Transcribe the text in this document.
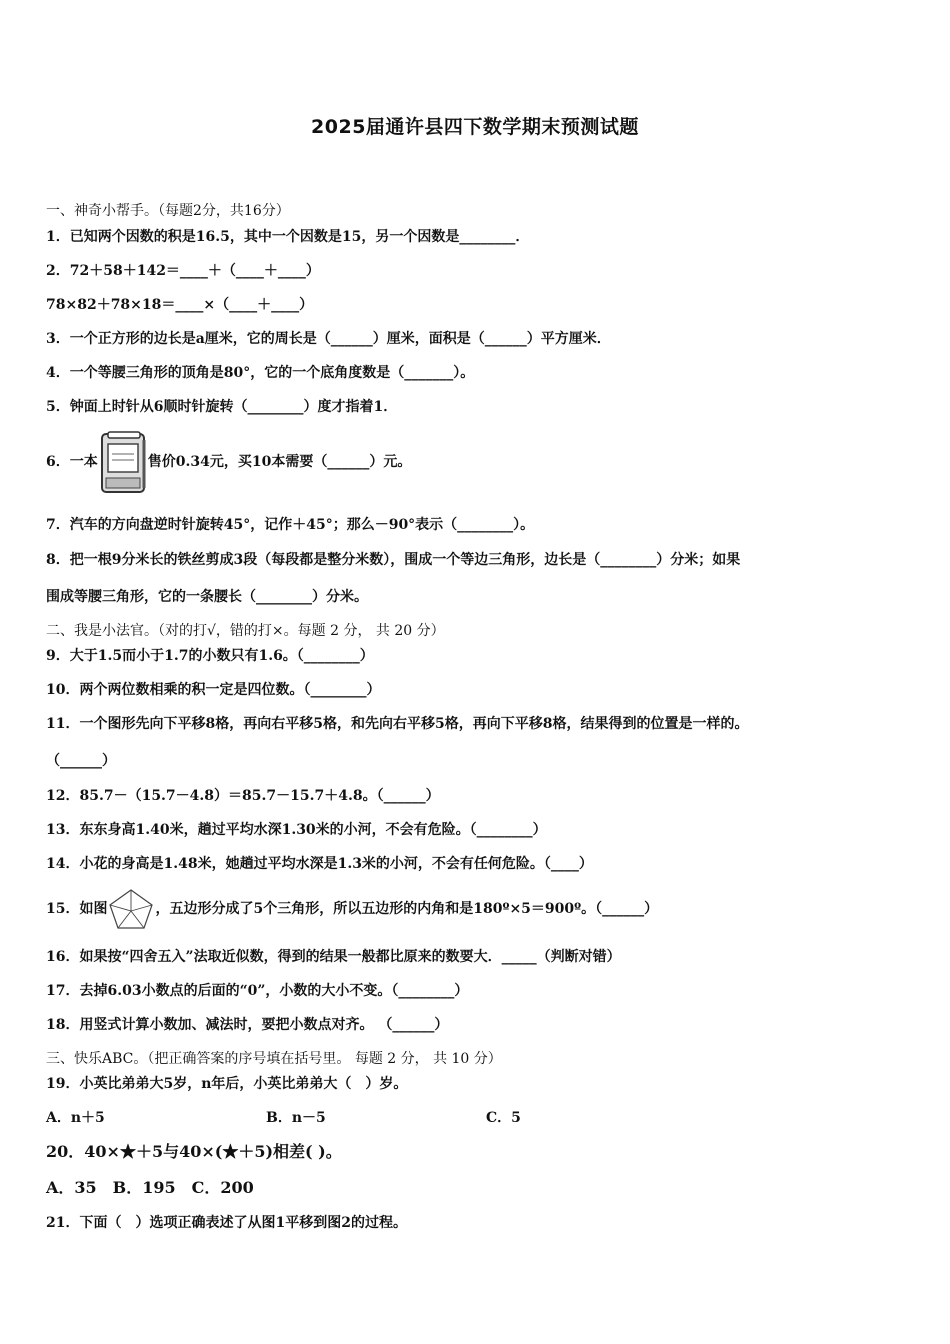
2025届通许县四下数学期末预测试题
一、神奇小帮手。（每题2分，共16分）
1．已知两个因数的积是16.5，其中一个因数是15，另一个因数是________．
2．72＋58＋142＝____＋（____＋____）
78×82＋78×18＝____×（____＋____）
3．一个正方形的边长是a厘米，它的周长是（______）厘米，面积是（______）平方厘米．
4．一个等腰三角形的顶角是80°，它的一个底角度数是（_______）。
5．钟面上时针从6顺时针旋转（________）度才指着1．
6．一本	售价0.34元，买10本需要（______）元。
7．汽车的方向盘逆时针旋转45°，记作＋45°；那么－90°表示（________）。
8．把一根9分米长的铁丝剪成3段（每段都是整分米数），围成一个等边三角形，边长是（________）分米；如果
围成等腰三角形，它的一条腰长（________）分米。
二、我是小法官。（对的打√，错的打×。每题 2 分， 共 20 分）
9．大于1.5而小于1.7的小数只有1.6。（________）
10．两个两位数相乘的积一定是四位数。（________）
11．一个图形先向下平移8格，再向右平移5格，和先向右平移5格，再向下平移8格，结果得到的位置是一样的。
（______）
12．85.7－（15.7－4.8）＝85.7－15.7＋4.8。（______）
13．东东身高1.40米，趟过平均水深1.30米的小河，不会有危险。（________）
14．小花的身高是1.48米，她趟过平均水深是1.3米的小河，不会有任何危险。（____）
15．如图	，五边形分成了5个三角形，所以五边形的内角和是180º×5＝900º。（______）
16．如果按“四舍五入”法取近似数，得到的结果一般都比原来的数要大．_____（判断对错）
17．去掉6.03小数点的后面的“0”，小数的大小不变。（________）
18．用竖式计算小数加、减法时，要把小数点对齐。 （______）
三、快乐ABC。（把正确答案的序号填在括号里。 每题 2 分， 共 10 分）
19．小英比弟弟大5岁，n年后，小英比弟弟大（　）岁。
A．n＋5	B．n－5	C．5
20．40×★＋5与40×(★＋5)相差( )。
A．35　B．195　C．200
21．下面（　）选项正确表述了从图1平移到图2的过程。
